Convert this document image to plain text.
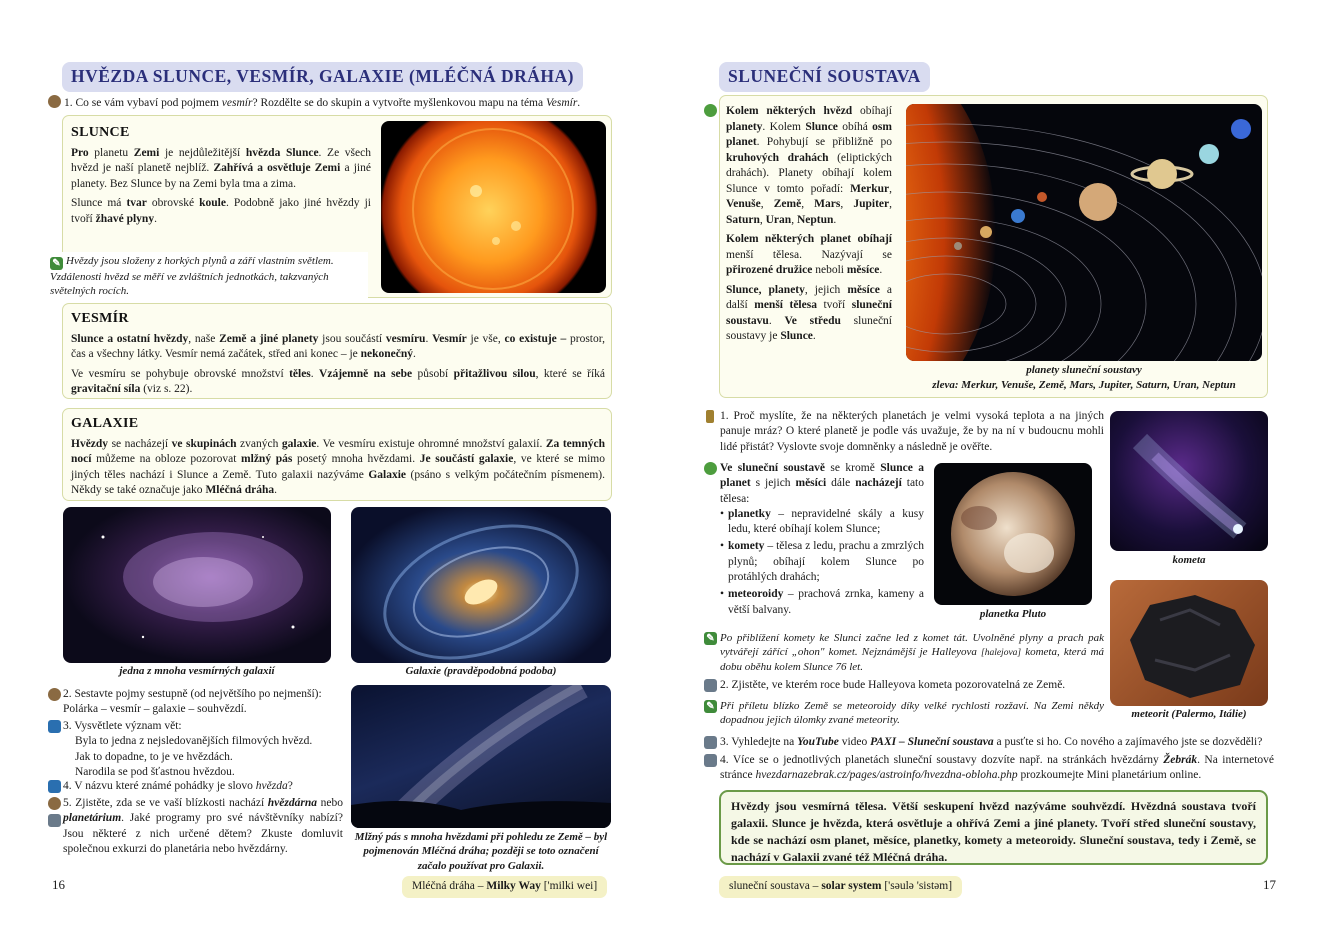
HVĚZDA SLUNCE, VESMÍR, GALAXIE (MLÉČNÁ DRÁHA)
1. Co se vám vybaví pod pojmem vesmír? Rozdělte se do skupin a vytvořte myšlenkovou mapu na téma Vesmír.
SLUNCE

Pro planetu Zemi je nejdůležitější hvězda Slunce. Ze všech hvězd je naší planetě nejblíž. Zahřívá a osvětluje Zemi a jiné planety. Bez Slunce by na Zemi byla tma a zima.

Slunce má tvar obrovské koule. Podobně jako jiné hvězdy ji tvoří žhavé plyny.

✎ Hvězdy jsou složeny z horkých plynů a září vlastním světlem. Vzdálenosti hvězd se měří ve zvláštních jednotkách, takzvaných světelných rocích.
VESMÍR

Slunce a ostatní hvězdy, naše Země a jiné planety jsou součástí vesmíru. Vesmír je vše, co existuje – prostor, čas a všechny látky. Vesmír nemá začátek, střed ani konec – je nekonečný.

Ve vesmíru se pohybuje obrovské množství těles. Vzájemně na sebe působí přitažlivou silou, které se říká gravitační síla (viz s. 22).

GALAXIE

Hvězdy se nacházejí ve skupinách zvaných galaxie. Ve vesmíru existuje ohromné množství galaxií. Za temných nocí můžeme na obloze pozorovat mlžný pás posetý mnoha hvězdami. Je součástí galaxie, ve které se mimo jiných těles nachází i Slunce a Země. Tuto galaxii nazýváme Galaxie (psáno s velkým počátečním písmenem). Někdy se také označuje jako Mléčná dráha.

jedna z mnoha vesmírných galaxií	Galaxie (pravděpodobná podoba)
Mlžný pás s mnoha hvězdami při pohledu ze Země – byl pojmenován Mléčná dráha; později se toto označení začalo používat pro Galaxii.
2. Sestavte pojmy sestupně (od největšího po nejmenší): Polárka – vesmír – galaxie – souhvězdí.
3. Vysvětlete význam vět:
Byla to jedna z nejsledovanějších filmových hvězd.
Jak to dopadne, to je ve hvězdách.
Narodila se pod šťastnou hvězdou.
4. V názvu které známé pohádky je slovo hvězda?
5. Zjistěte, zda se ve vaší blízkosti nachází hvězdárna nebo planetárium. Jaké programy pro své návštěvníky nabízí? Jsou některé z nich určené dětem? Zkuste domluvit společnou exkurzi do planetária nebo hvězdárny.
16	Mléčná dráha – Milky Way ['milki wei]
SLUNEČNÍ SOUSTAVA

Kolem některých hvězd obíhají planety. Kolem Slunce obíhá osm planet. Pohybují se přibližně po kruhových drahách (eliptických drahách). Planety obíhají kolem Slunce v tomto pořadí: Merkur, Venuše, Země, Mars, Jupiter, Saturn, Uran, Neptun.

Kolem některých planet obíhají menší tělesa. Nazývají se přirozené družice neboli měsíce.

Slunce, planety, jejich měsíce a další menší tělesa tvoří sluneční soustavu. Ve středu sluneční soustavy je Slunce.

planety sluneční soustavy
zleva: Merkur, Venuše, Země, Mars, Jupiter, Saturn, Uran, Neptun
1. Proč myslíte, že na některých planetách je velmi vysoká teplota a na jiných panuje mráz? O které planetě je podle vás uvažuje, že by na ní v budoucnu mohli lidé přistát? Vyslovte svoje domněnky a následně je ověřte.
kometa
Ve sluneční soustavě se kromě Slunce a planet s jejich měsíci dále nacházejí tato tělesa:
• planetky – nepravidelné skály a kusy ledu, které obíhají kolem Slunce;
• komety – tělesa z ledu, prachu a zmrzlých plynů; obíhají kolem Slunce po protáhlých drahách;
• meteoroidy – prachová zrnka, kameny a větší balvany.	planetka Pluto
meteorit (Palermo, Itálie)
✎ Po přiblížení komety ke Slunci začne led z komet tát. Uvolněné plyny a prach pak vytvářejí zářící „ohon" komet. Nejznámější je Halleyova [halejova] kometa, která má dobu oběhu kolem Slunce 76 let.
2. Zjistěte, ve kterém roce bude Halleyova kometa pozorovatelná ze Země.
✎ Při příletu blízko Země se meteoroidy díky velké rychlosti rozžaví. Na Zemi někdy dopadnou jejich úlomky zvané meteority.
3. Vyhledejte na YouTube video PAXI – Sluneční soustava a pusťte si ho. Co nového a zajímavého jste se dozvěděli?
4. Více se o jednotlivých planetách sluneční soustavy dozvíte např. na stránkách hvězdárny Žebrák. Na internetové stránce hvezdarnazebrak.cz/pages/astroinfo/hvezdna-obloha.php prozkoumejte Mini planetárium online.
Hvězdy jsou vesmírná tělesa. Větší seskupení hvězd nazýváme souhvězdí. Hvězdná soustava tvoří galaxii. Slunce je hvězda, která osvětluje a ohřívá Zemi a jiné planety. Tvoří střed sluneční soustavy, kde se nachází osm planet, měsíce, planetky, komety a meteoroidy. Sluneční soustava, tedy i Země, se nachází v Galaxii zvané též Mléčná dráha.
sluneční soustava – solar system ['səulə 'sistəm]	17
